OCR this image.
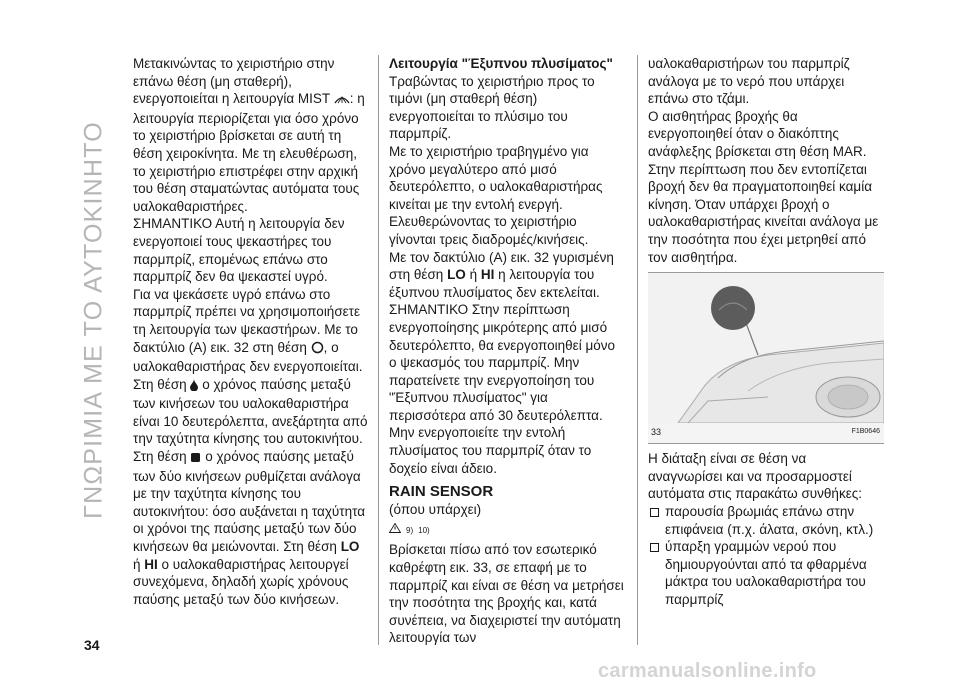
ΓΝΩΡΙΜΙΑ ΜΕ ΤΟ ΑΥΤΟΚΙΝΗΤΟ
34

Μετακινώντας το χειριστήριο στην επάνω θέση (μη σταθερή), ενεργοποιείται η λειτουργία MIST : η λειτουργία περιορίζεται για όσο χρόνο το χειριστήριο βρίσκεται σε αυτή τη θέση χειροκίνητα. Με τη ελευθέρωση, το χειριστήριο επιστρέφει στην αρχική του θέση σταματώντας αυτόματα τους υαλοκαθαριστήρες.

ΣΗΜΑΝΤΙΚΟ Αυτή η λειτουργία δεν ενεργοποιεί τους ψεκαστήρες του παρμπρίζ, επομένως επάνω στο παρμπρίζ δεν θα ψεκαστεί υγρό.

Για να ψεκάσετε υγρό επάνω στο παρμπρίζ πρέπει να χρησιμοποιήσετε τη λειτουργία των ψεκαστήρων. Με το δακτύλιο (A) εικ. 32 στη θέση , ο υαλοκαθαριστήρας δεν ενεργοποιείται. Στη θέση ο χρόνος παύσης μεταξύ των κινήσεων του υαλοκαθαριστήρα είναι 10 δευτερόλεπτα, ανεξάρτητα από την ταχύτητα κίνησης του αυτοκινήτου. Στη θέση ο χρόνος παύσης μεταξύ των δύο κινήσεων ρυθμίζεται ανάλογα με την ταχύτητα κίνησης του αυτοκινήτου: όσο αυξάνεται η ταχύτητα οι χρόνοι της παύσης μεταξύ των δύο κινήσεων θα μειώνονται. Στη θέση LO ή HI ο υαλοκαθαριστήρας λειτουργεί συνεχόμενα, δηλαδή χωρίς χρόνους παύσης μεταξύ των δύο κινήσεων.

Λειτουργία "Έξυπνου πλυσίματος"

Τραβώντας το χειριστήριο προς το τιμόνι (μη σταθερή θέση) ενεργοποιείται το πλύσιμο του παρμπρίζ.

Με το χειριστήριο τραβηγμένο για χρόνο μεγαλύτερο από μισό δευτερόλεπτο, ο υαλοκαθαριστήρας κινείται με την εντολή ενεργή. Ελευθερώνοντας το χειριστήριο γίνονται τρεις διαδρομές/κινήσεις.

Με τον δακτύλιο (A) εικ. 32 γυρισμένη στη θέση LO ή HI η λειτουργία του έξυπνου πλυσίματος δεν εκτελείται.

ΣΗΜΑΝΤΙΚΟ Στην περίπτωση ενεργοποίησης μικρότερης από μισό δευτερόλεπτο, θα ενεργοποιηθεί μόνο ο ψεκασμός του παρμπρίζ. Μην παρατείνετε την ενεργοποίηση του "Έξυπνου πλυσίματος" για περισσότερα από 30 δευτερόλεπτα. Μην ενεργοποιείτε την εντολή πλυσίματος του παρμπρίζ όταν το δοχείο είναι άδειο.

RAIN SENSOR

(όπου υπάρχει)

9) 10)

Βρίσκεται πίσω από τον εσωτερικό καθρέφτη εικ. 33, σε επαφή με το παρμπρίζ και είναι σε θέση να μετρήσει την ποσότητα της βροχής και, κατά συνέπεια, να διαχειριστεί την αυτόματη λειτουργία των

υαλοκαθαριστήρων του παρμπρίζ ανάλογα με το νερό που υπάρχει επάνω στο τζάμι.

Ο αισθητήρας βροχής θα ενεργοποιηθεί όταν ο διακόπτης ανάφλεξης βρίσκεται στη θέση MAR. Στην περίπτωση που δεν εντοπίζεται βροχή δεν θα πραγματοποιηθεί καμία κίνηση. Όταν υπάρχει βροχή ο υαλοκαθαριστήρας κινείται ανάλογα με την ποσότητα που έχει μετρηθεί από τον αισθητήρα.

33	F1B0646

Η διάταξη είναι σε θέση να αναγνωρίσει και να προσαρμοστεί αυτόματα στις παρακάτω συνθήκες:

παρουσία βρωμιάς επάνω στην επιφάνεια (π.χ. άλατα, σκόνη, κτλ.)
ύπαρξη γραμμών νερού που δημιουργούνται από τα φθαρμένα μάκτρα του υαλοκαθαριστήρα του παρμπρίζ
carmanualsonline.info
